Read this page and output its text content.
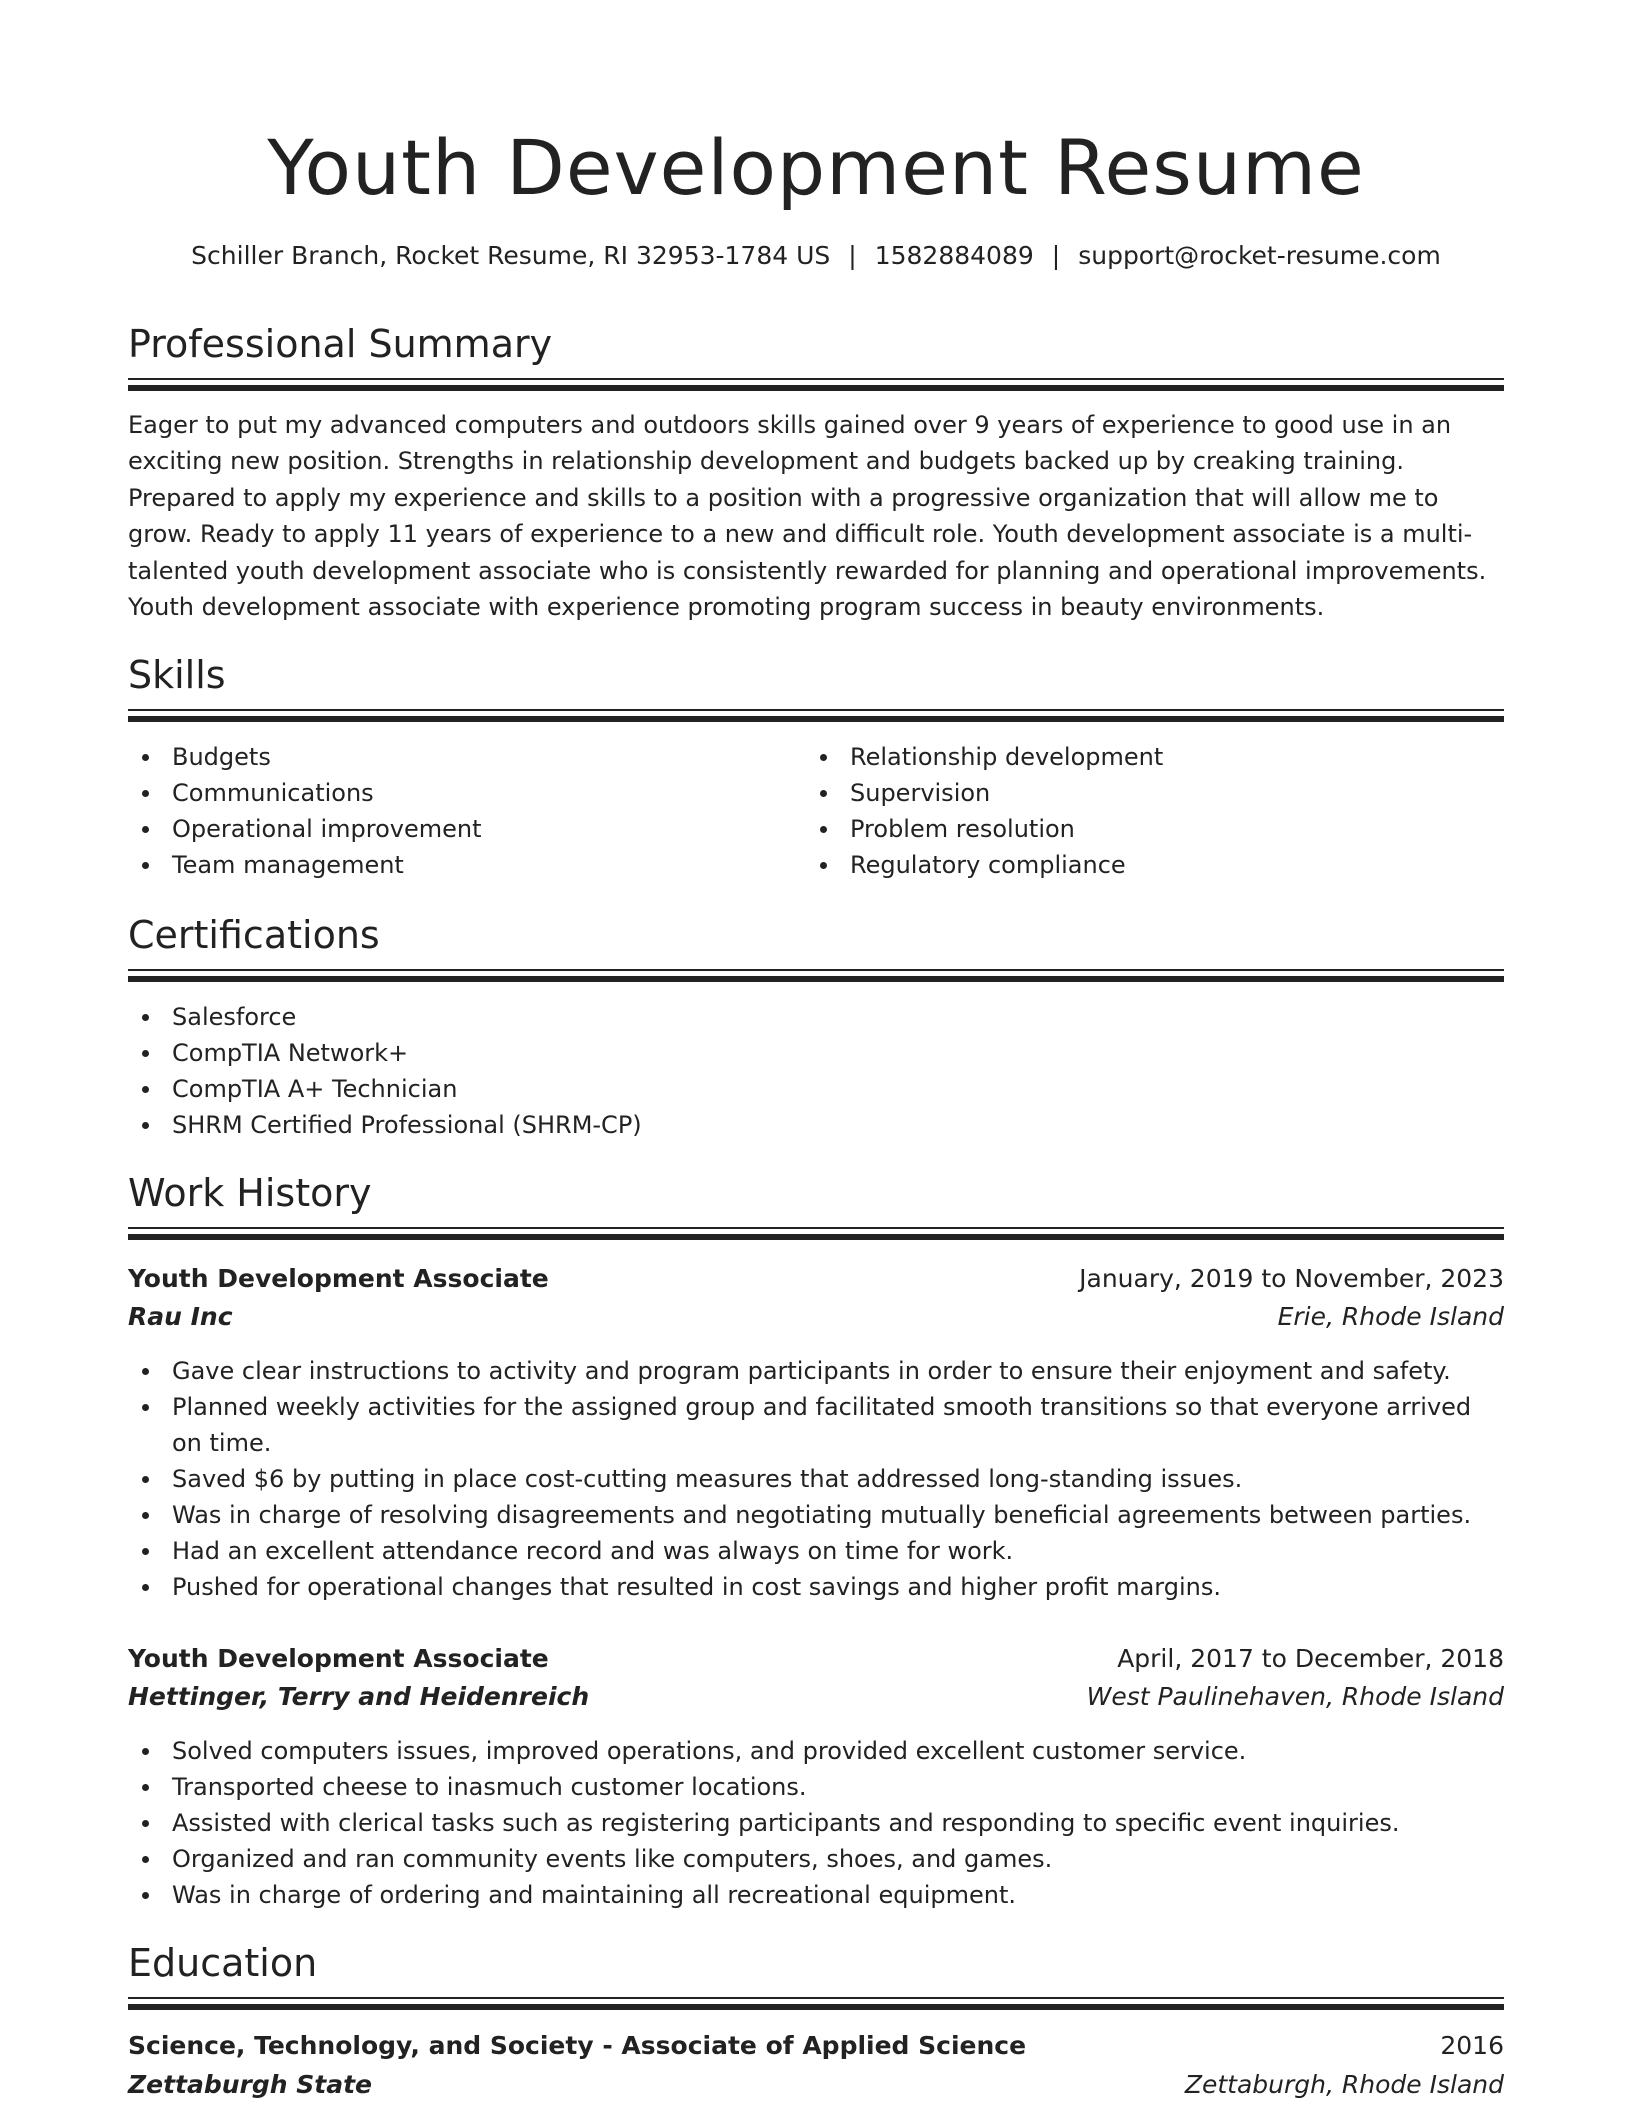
Youth Development Resume
Schiller Branch, Rocket Resume, RI 32953-1784 US | 1582884089 | support@rocket-resume.com
Professional Summary

Eager to put my advanced computers and outdoors skills gained over 9 years of experience to good use in an exciting new position. Strengths in relationship development and budgets backed up by creaking training. Prepared to apply my experience and skills to a position with a progressive organization that will allow me to grow. Ready to apply 11 years of experience to a new and difficult role. Youth development associate is a multi-talented youth development associate who is consistently rewarded for planning and operational improvements. Youth development associate with experience promoting program success in beauty environments.

Skills
Budgets
Communications
Operational improvement
Team management
Relationship development
Supervision
Problem resolution
Regulatory compliance
Certifications
Salesforce
CompTIA Network+
CompTIA A+ Technician
SHRM Certified Professional (SHRM-CP)
Work History
Youth Development Associate	January, 2019 to November, 2023
Rau Inc	Erie, Rhode Island
Gave clear instructions to activity and program participants in order to ensure their enjoyment and safety.
Planned weekly activities for the assigned group and facilitated smooth transitions so that everyone arrived on time.
Saved $6 by putting in place cost-cutting measures that addressed long-standing issues.
Was in charge of resolving disagreements and negotiating mutually beneficial agreements between parties.
Had an excellent attendance record and was always on time for work.
Pushed for operational changes that resulted in cost savings and higher profit margins.
Youth Development Associate	April, 2017 to December, 2018
Hettinger, Terry and Heidenreich	West Paulinehaven, Rhode Island
Solved computers issues, improved operations, and provided excellent customer service.
Transported cheese to inasmuch customer locations.
Assisted with clerical tasks such as registering participants and responding to specific event inquiries.
Organized and ran community events like computers, shoes, and games.
Was in charge of ordering and maintaining all recreational equipment.
Education
Science, Technology, and Society - Associate of Applied Science	2016
Zettaburgh State	Zettaburgh, Rhode Island
